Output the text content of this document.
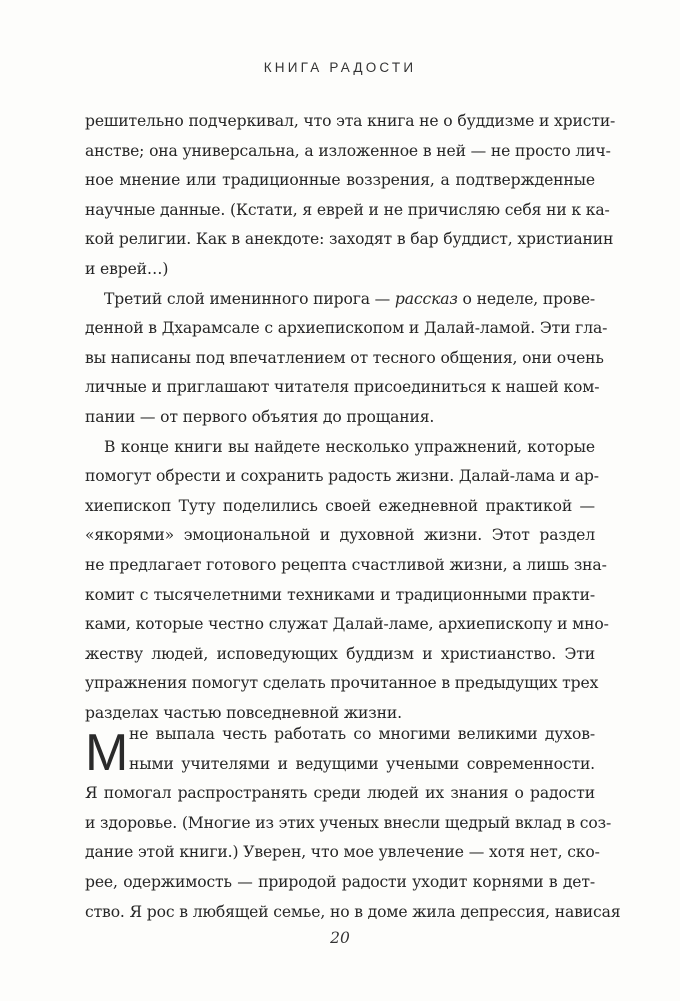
КНИГА РАДОСТИ

решительно подчеркивал, что эта книга не о буддизме и христи-

анстве; она универсальна, а изложенное в ней — не просто лич-

ное мнение или традиционные воззрения, а подтвержденные

научные данные. (Кстати, я еврей и не причисляю себя ни к ка-

кой религии. Как в анекдоте: заходят в бар буддист, христианин

и еврей…)

Третий слой именинного пирога — рассказ о неделе, прове-

денной в Дхарамсале с архиепископом и Далай-ламой. Эти гла-

вы написаны под впечатлением от тесного общения, они очень

личные и приглашают читателя присоединиться к нашей ком-

пании — от первого объятия до прощания.

В конце книги вы найдете несколько упражнений, которые

помогут обрести и сохранить радость жизни. Далай-лама и ар-

хиепископ Туту поделились своей ежедневной практикой —

«якорями» эмоциональной и духовной жизни. Этот раздел

не предлагает готового рецепта счастливой жизни, а лишь зна-

комит с тысячелетними техниками и традиционными практи-

ками, которые честно служат Далай-ламе, архиепископу и мно-

жеству людей, исповедующих буддизм и христианство. Эти

упражнения помогут сделать прочитанное в предыдущих трех

разделах частью повседневной жизни.

М не выпала честь работать со многими великими духов-

ными учителями и ведущими учеными современности.

Я помогал распространять среди людей их знания о радости

и здоровье. (Многие из этих ученых внесли щедрый вклад в соз-

дание этой книги.) Уверен, что мое увлечение — хотя нет, ско-

рее, одержимость — природой радости уходит корнями в дет-

ство. Я рос в любящей семье, но в доме жила депрессия, нависая

20
